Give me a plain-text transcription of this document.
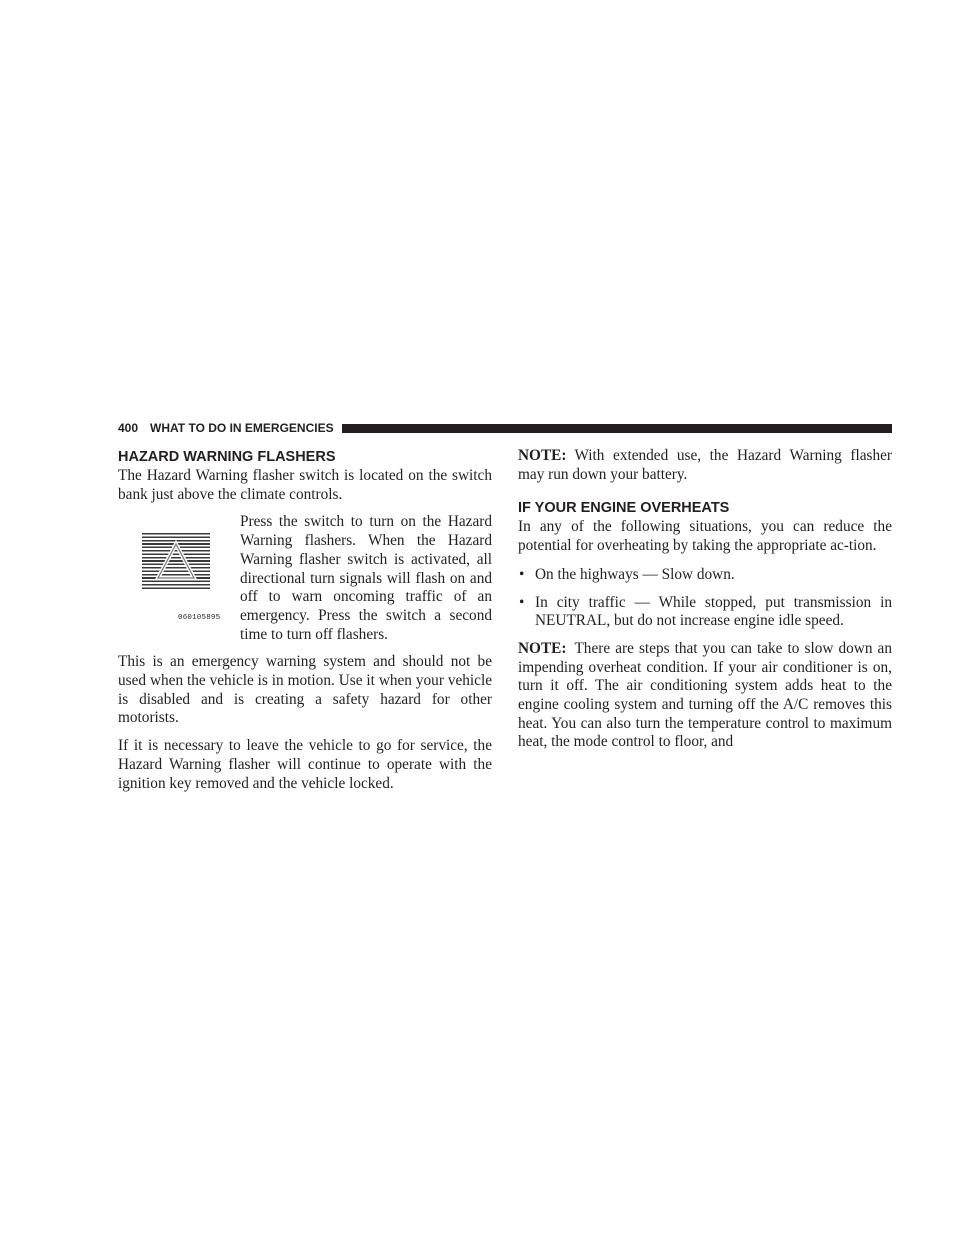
400 WHAT TO DO IN EMERGENCIES
HAZARD WARNING FLASHERS

The Hazard Warning flasher switch is located on the switch bank just above the climate controls.

060105895

Press the switch to turn on the Hazard Warning flashers. When the Hazard Warning flasher switch is activated, all directional turn signals will flash on and off to warn oncoming traffic of an emergency. Press the switch a second time to turn off flashers.

This is an emergency warning system and should not be used when the vehicle is in motion. Use it when your vehicle is disabled and is creating a safety hazard for other motorists.

If it is necessary to leave the vehicle to go for service, the Hazard Warning flasher will continue to operate with the ignition key removed and the vehicle locked.

NOTE: With extended use, the Hazard Warning flasher may run down your battery.

IF YOUR ENGINE OVERHEATS

In any of the following situations, you can reduce the potential for overheating by taking the appropriate ac-tion.

• On the highways — Slow down.
• In city traffic — While stopped, put transmission in NEUTRAL, but do not increase engine idle speed.

NOTE: There are steps that you can take to slow down an impending overheat condition. If your air conditioner is on, turn it off. The air conditioning system adds heat to the engine cooling system and turning off the A/C removes this heat. You can also turn the temperature control to maximum heat, the mode control to floor, and
